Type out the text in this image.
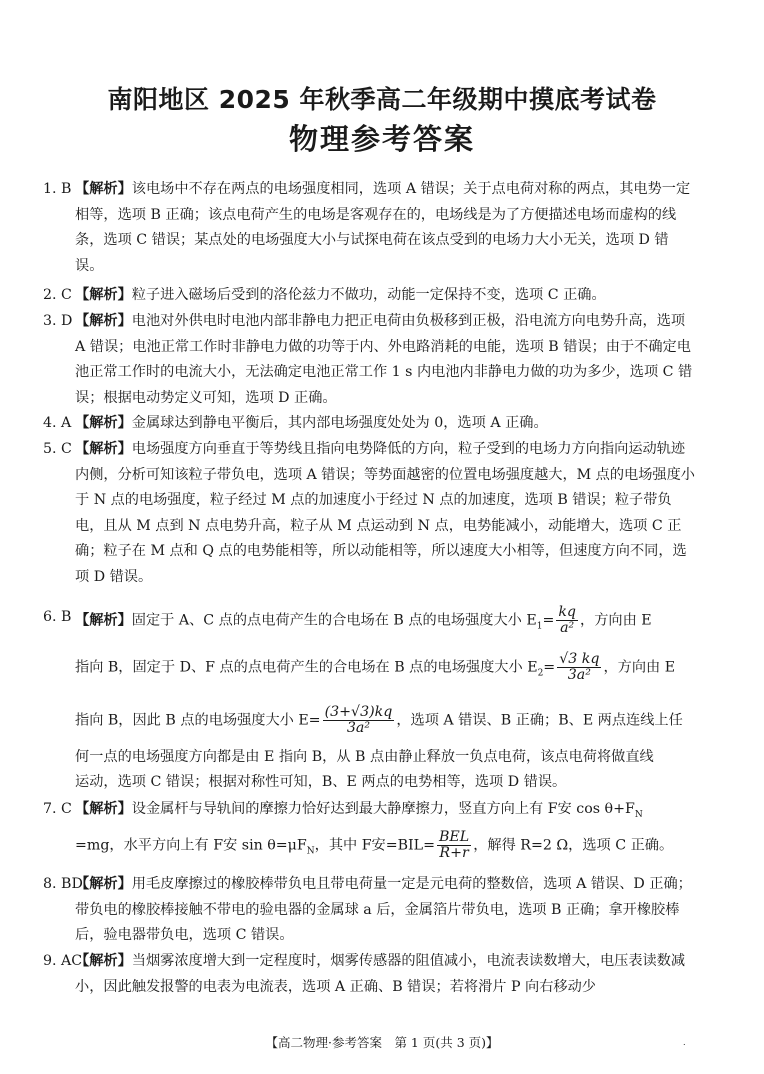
南阳地区 2025 年秋季高二年级期中摸底考试卷
物理参考答案
1. B 【解析】该电场中不存在两点的电场强度相同，选项 A 错误；关于点电荷对称的两点，其电势一定相等，选项 B 正确；该点电荷产生的电场是客观存在的，电场线是为了方便描述电场而虚构的线条，选项 C 错误；某点处的电场强度大小与试探电荷在该点受到的电场力大小无关，选项 D 错误。
2. C 【解析】粒子进入磁场后受到的洛伦兹力不做功，动能一定保持不变，选项 C 正确。
3. D 【解析】电池对外供电时电池内部非静电力把正电荷由负极移到正极，沿电流方向电势升高，选项 A 错误；电池正常工作时非静电力做的功等于内、外电路消耗的电能，选项 B 错误；由于不确定电池正常工作时的电流大小，无法确定电池正常工作 1 s 内电池内非静电力做的功为多少，选项 C 错误；根据电动势定义可知，选项 D 正确。
4. A 【解析】金属球达到静电平衡后，其内部电场强度处处为 0，选项 A 正确。
5. C 【解析】电场强度方向垂直于等势线且指向电势降低的方向，粒子受到的电场力方向指向运动轨迹内侧，分析可知该粒子带负电，选项 A 错误；等势面越密的位置电场强度越大，M 点的电场强度小于 N 点的电场强度，粒子经过 M 点的加速度小于经过 N 点的加速度，选项 B 错误；粒子带负电，且从 M 点到 N 点电势升高，粒子从 M 点运动到 N 点，电势能减小，动能增大，选项 C 正确；粒子在 M 点和 Q 点的电势能相等，所以动能相等，所以速度大小相等，但速度方向不同，选项 D 错误。
6. B 【解析】固定于 A、C 点的点电荷产生的合电场在 B 点的电场强度大小 $E_1= \frac{kq}{\text{a²}}$ ，方向由 E
指向 B，固定于 D、F 点的点电荷产生的合电场在 B 点的电场强度大小 $E_2= \frac{√3 kq}{\text{3a²}}$ ，方向由 E
指向 B，因此 B 点的电场强度大小 $E= \frac{(3+√3)kq}{\text{3a²}}$ ，选项 A 错误、B 正确；B、E 两点连线上任
何一点的电场强度方向都是由 E 指向 B，从 B 点由静止释放一负点电荷，该点电荷将做直线
运动，选项 C 错误；根据对称性可知，B、E 两点的电势相等，选项 D 错误。
7. C 【解析】设金属杆与导轨间的摩擦力恰好达到最大静摩擦力，竖直方向上有 F安 $\cos \theta+F_N$
=mg，水平方向上有 F安 $\sin \theta=\mu F_N$，其中 F安$=BIL= \frac{\text{BEL}}{R+r}$ ，解得 R=2 Ω，选项 C 正确。
8. BD
【解析】用毛皮摩擦过的橡胶棒带负电且带电荷量一定是元电荷的整数倍，选项 A 错误、D 正确；带负电的橡胶棒接触不带电的验电器的金属球 a 后，金属箔片带负电，选项 B 正确；拿开橡胶棒后，验电器带负电，选项 C 错误。
9. AC
【解析】当烟雾浓度增大到一定程度时，烟雾传感器的阻值减小，电流表读数增大，电压表读数减小，因此触发报警的电表为电流表，选项 A 正确、B 错误；若将滑片 P 向右移动少
【高二物理·参考答案　第 1 页(共 3 页)】	.
